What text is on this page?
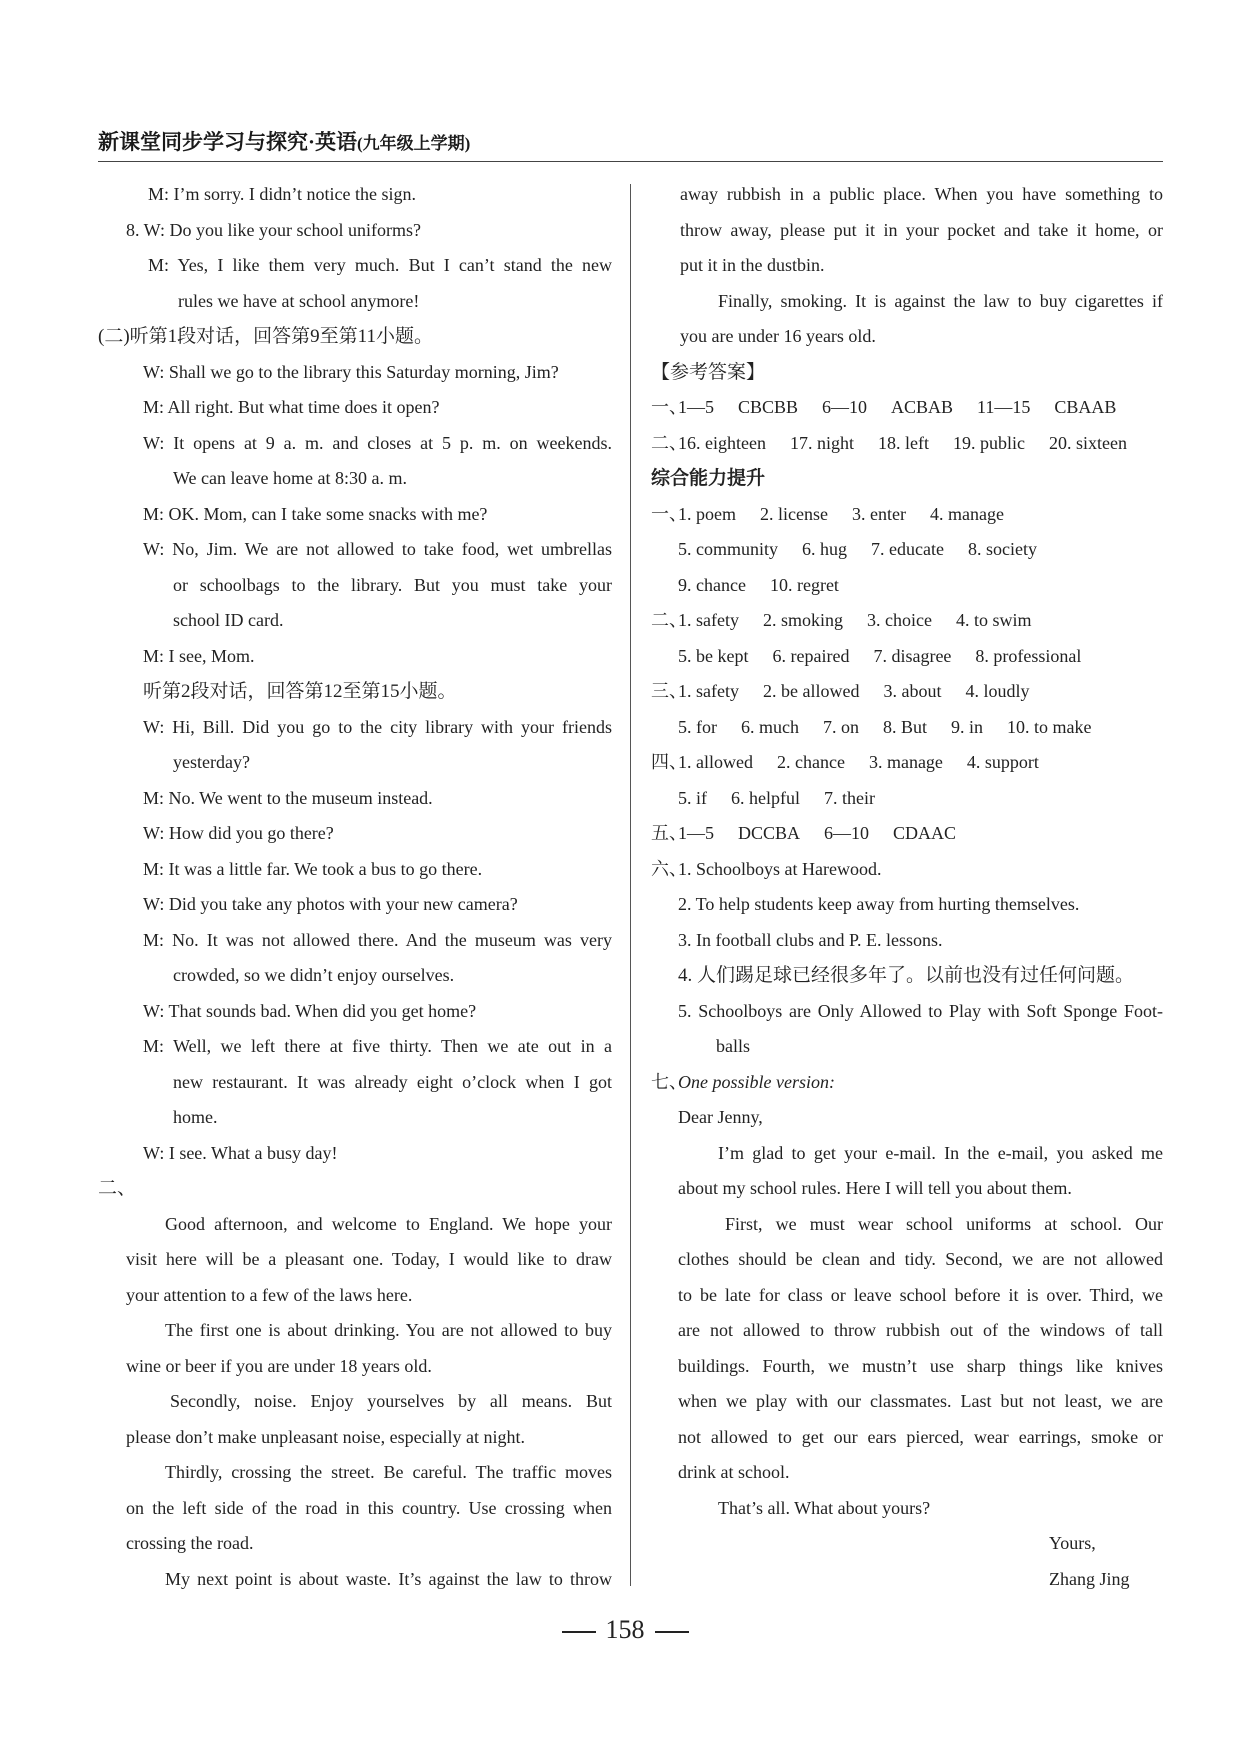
新课堂同步学习与探究·英语(九年级上学期)
M: I’m sorry. I didn’t notice the sign.
8. W: Do you like your school uniforms?
M: Yes, I like them very much. But I can’t stand the new
rules we have at school anymore!
(二)听第1段对话，回答第9至第11小题。
W: Shall we go to the library this Saturday morning, Jim?
M: All right. But what time does it open?
W: It opens at 9 a. m. and closes at 5 p. m. on weekends.
We can leave home at 8:30 a. m.
M: OK. Mom, can I take some snacks with me?
W: No, Jim. We are not allowed to take food, wet umbrellas
or schoolbags to the library. But you must take your
school ID card.
M: I see, Mom.
听第2段对话，回答第12至第15小题。
W: Hi, Bill. Did you go to the city library with your friends
yesterday?
M: No. We went to the museum instead.
W: How did you go there?
M: It was a little far. We took a bus to go there.
W: Did you take any photos with your new camera?
M: No. It was not allowed there. And the museum was very
crowded, so we didn’t enjoy ourselves.
W: That sounds bad. When did you get home?
M: Well, we left there at five thirty. Then we ate out in a
new restaurant. It was already eight o’clock when I got
home.
W: I see. What a busy day!
二、
Good afternoon, and welcome to England. We hope your
visit here will be a pleasant one. Today, I would like to draw
your attention to a few of the laws here.
The first one is about drinking. You are not allowed to buy
wine or beer if you are under 18 years old.
Secondly, noise. Enjoy yourselves by all means. But
please don’t make unpleasant noise, especially at night.
Thirdly, crossing the street. Be careful. The traffic moves
on the left side of the road in this country. Use crossing when
crossing the road.
My next point is about waste. It’s against the law to throw
away rubbish in a public place. When you have something to
throw away, please put it in your pocket and take it home, or
put it in the dustbin.
Finally, smoking. It is against the law to buy cigarettes if
you are under 16 years old.
【参考答案】
一、1—5 CBCBB 6—10 ACBAB 11—15 CBAAB
二、16. eighteen 17. night 18. left 19. public 20. sixteen
综合能力提升
一、1. poem 2. license 3. enter 4. manage
5. community 6. hug 7. educate 8. society
9. chance 10. regret
二、1. safety 2. smoking 3. choice 4. to swim
5. be kept 6. repaired 7. disagree 8. professional
三、1. safety 2. be allowed 3. about 4. loudly
5. for 6. much 7. on 8. But 9. in 10. to make
四、1. allowed 2. chance 3. manage 4. support
5. if 6. helpful 7. their
五、1—5 DCCBA 6—10 CDAAC
六、1. Schoolboys at Harewood.
2. To help students keep away from hurting themselves.
3. In football clubs and P. E. lessons.
4. 人们踢足球已经很多年了。以前也没有过任何问题。
5. Schoolboys are Only Allowed to Play with Soft Sponge Foot-
balls
七、One possible version:
Dear Jenny,
I’m glad to get your e-mail. In the e-mail, you asked me
about my school rules. Here I will tell you about them.
First, we must wear school uniforms at school. Our
clothes should be clean and tidy. Second, we are not allowed
to be late for class or leave school before it is over. Third, we
are not allowed to throw rubbish out of the windows of tall
buildings. Fourth, we mustn’t use sharp things like knives
when we play with our classmates. Last but not least, we are
not allowed to get our ears pierced, wear earrings, smoke or
drink at school.
That’s all. What about yours?
Yours,
Zhang Jing
158
